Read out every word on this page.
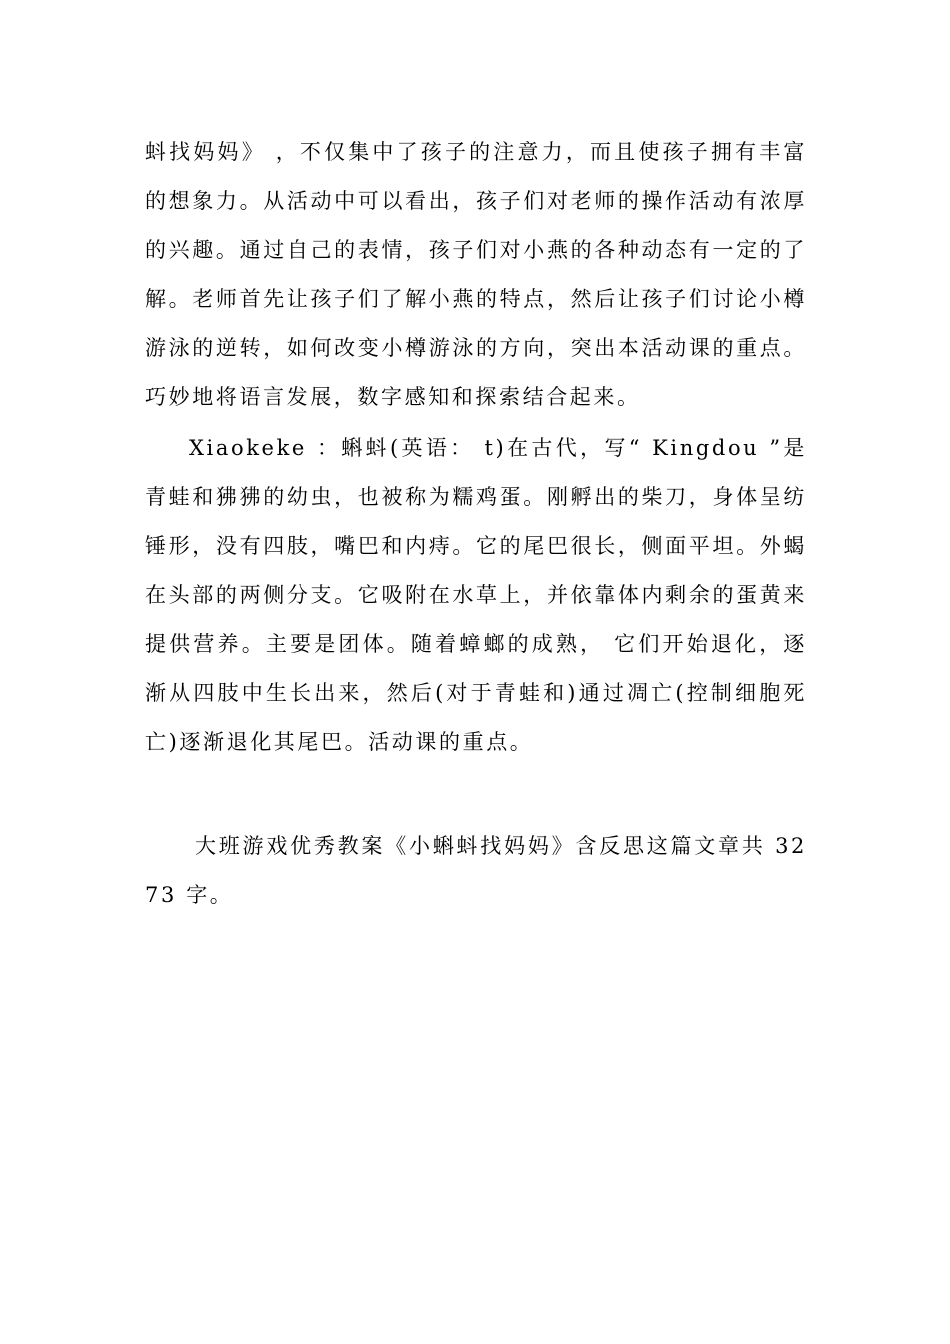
蚪找妈妈》 ，不仅集中了孩子的注意力，而且使孩子拥有丰富的想象力。从活动中可以看出，孩子们对老师的操作活动有浓厚的兴趣。通过自己的表情，孩子们对小燕的各种动态有一定的了解。老师首先让孩子们了解小燕的特点，然后让孩子们讨论小樽游泳的逆转，如何改变小樽游泳的方向，突出本活动课的重点。巧妙地将语言发展，数字感知和探索结合起来。

Xiaokeke ：蝌蚪(英语： t)在古代，写“ Kingdou ”是青蛙和狒狒的幼虫，也被称为糯鸡蛋。刚孵出的柴刀，身体呈纺锤形，没有四肢，嘴巴和内痔。它的尾巴很长，侧面平坦。外蝎在头部的两侧分支。它吸附在水草上，并依靠体内剩余的蛋黄来提供营养。主要是团体。随着蟑螂的成熟， 它们开始退化，逐渐从四肢中生长出来，然后(对于青蛙和)通过凋亡(控制细胞死亡)逐渐退化其尾巴。活动课的重点。

大班游戏优秀教案《小蝌蚪找妈妈》含反思这篇文章共 3273 字。
